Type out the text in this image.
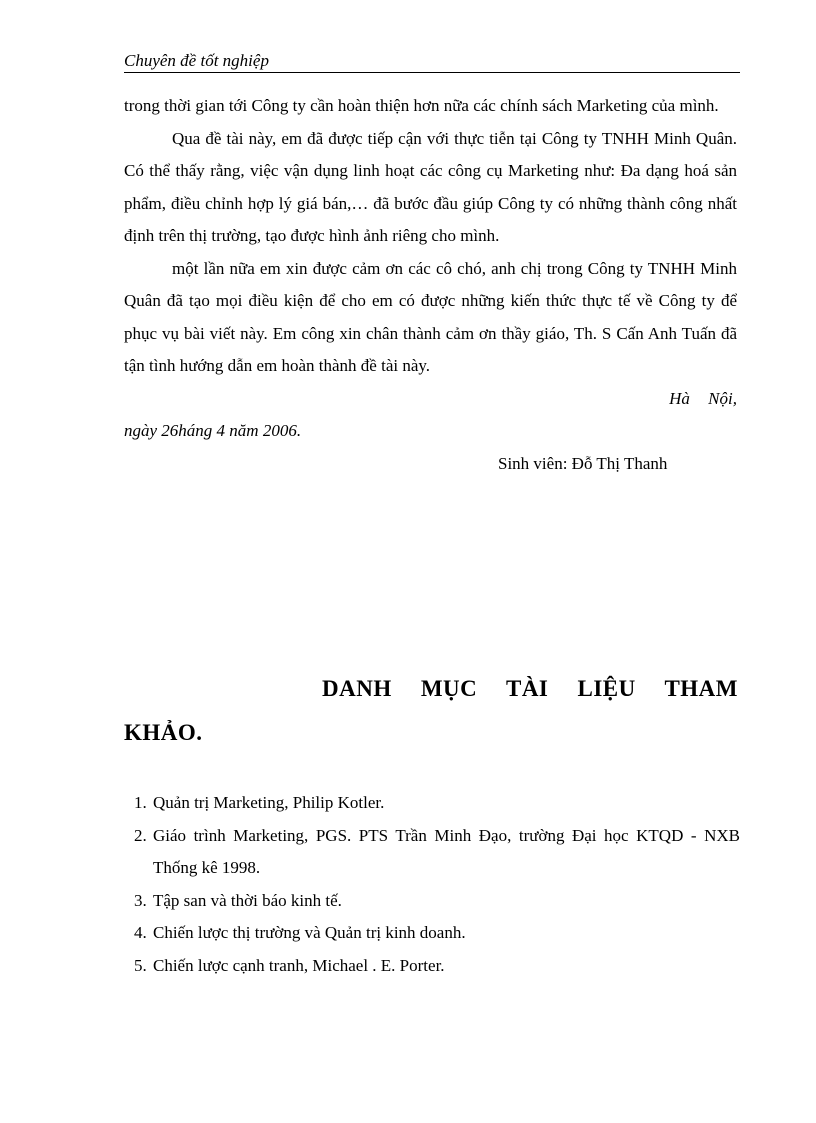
Chuyên đề tốt nghiệp

trong thời gian tới Công ty cần hoàn thiện hơn nữa các chính sách Marketing của mình.

Qua đề tài này, em đã được tiếp cận với thực tiễn tại Công ty TNHH Minh Quân. Có thể thấy rằng, việc vận dụng linh hoạt các công cụ Marketing như: Đa dạng hoá sản phẩm, điều chỉnh hợp lý giá bán,… đã bước đầu giúp Công ty có những thành công nhất định trên thị trường, tạo được hình ảnh riêng cho mình.

một lần nữa em xin được cảm ơn các cô chó, anh chị trong Công ty TNHH Minh Quân đã tạo mọi điều kiện để cho em có được những kiến thức thực tế về Công ty để phục vụ bài viết này. Em công xin chân thành cảm ơn thầy giáo, Th. S Cấn Anh Tuấn đã tận tình hướng dẫn em hoàn thành đề tài này.

Hà Nội,

ngày 26háng 4 năm 2006.

Sinh viên: Đỗ Thị Thanh

DANH MỤC TÀI LIỆU THAM
KHẢO.
1. Quản trị Marketing, Philip Kotler.
2. Giáo trình Marketing, PGS. PTS Trần Minh Đạo, trường Đại học KTQD - NXB Thống kê 1998.
3. Tập san và thời báo kinh tế.
4. Chiến lược thị trường và Quản trị kinh doanh.
5. Chiến lược cạnh tranh, Michael . E. Porter.
